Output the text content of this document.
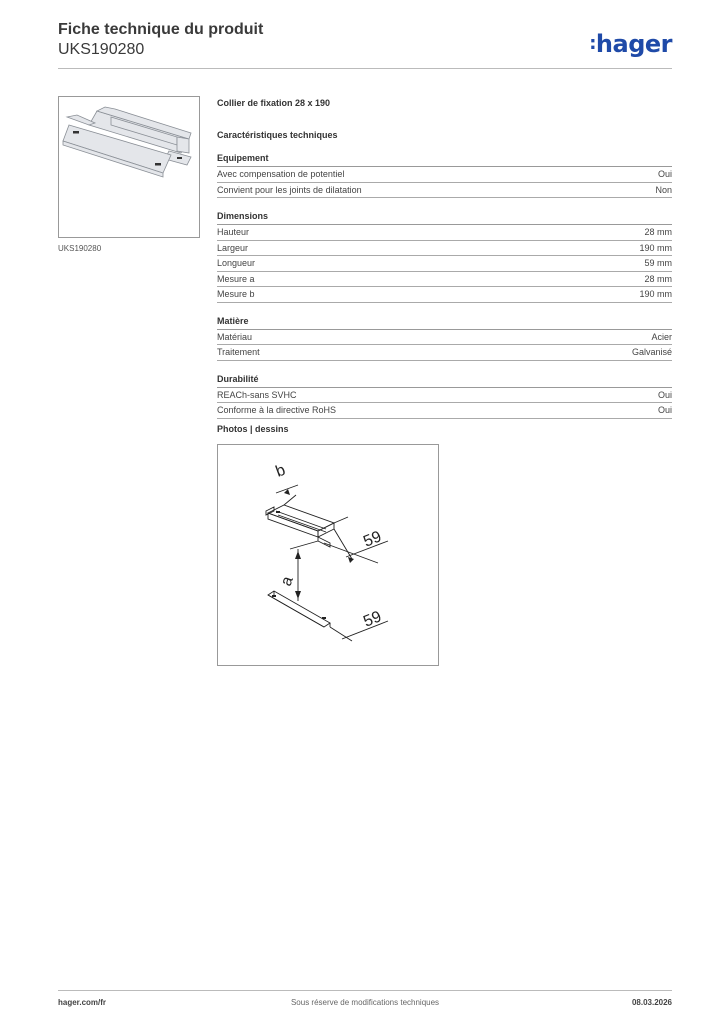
Fiche technique du produit
UKS190280	:hager
UKS190280
Collier de fixation 28 x 190
Caractéristiques techniques
Equipement
Avec compensation de potentiel	Oui
Convient pour les joints de dilatation	Non
Dimensions
Hauteur	28 mm
Largeur	190 mm
Longueur	59 mm
Mesure a	28 mm
Mesure b	190 mm
Matière
Matériau	Acier
Traitement	Galvanisé
Durabilité
REACh-sans SVHC	Oui
Conforme à la directive RoHS	Oui
Photos | dessins
b
a
59
59
hager.com/fr	Sous réserve de modifications techniques	08.03.2026
